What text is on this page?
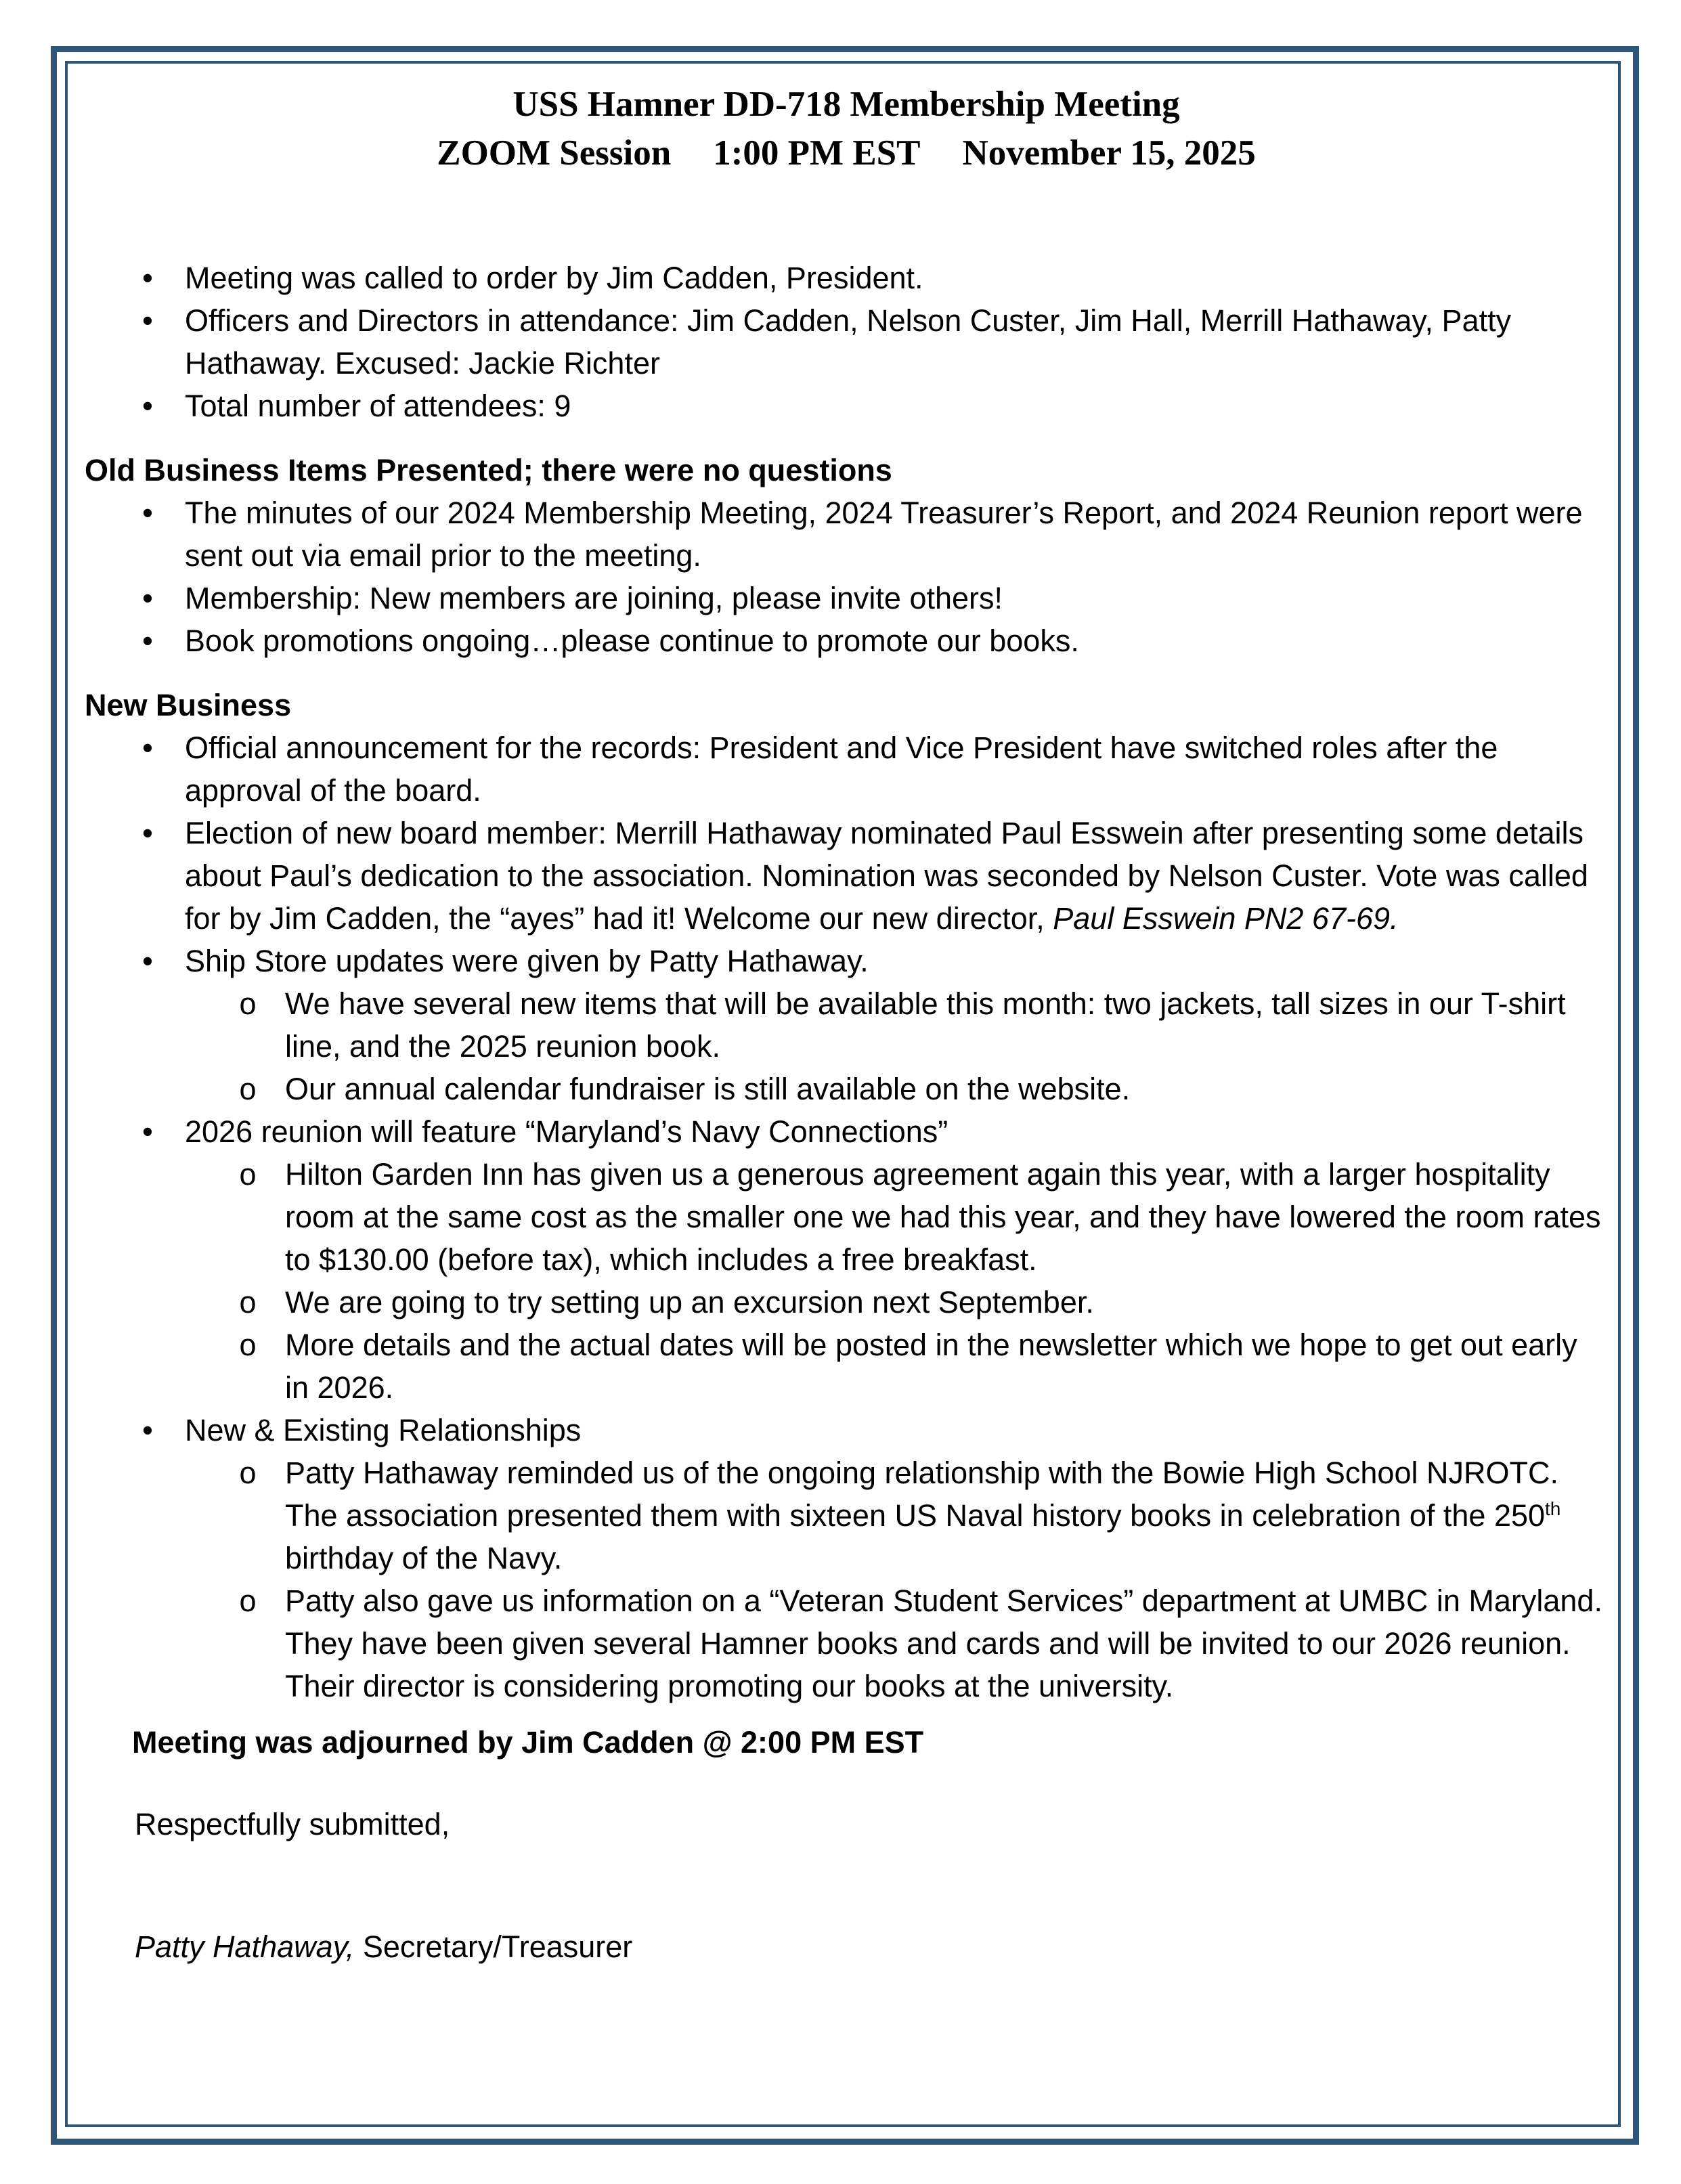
USS Hamner DD-718 Membership Meeting

ZOOM Session 1:00 PM EST November 15, 2025

• Meeting was called to order by Jim Cadden, President.
• Officers and Directors in attendance: Jim Cadden, Nelson Custer, Jim Hall, Merrill Hathaway, Patty Hathaway. Excused: Jackie Richter
• Total number of attendees: 9

Old Business Items Presented; there were no questions

• The minutes of our 2024 Membership Meeting, 2024 Treasurer’s Report, and 2024 Reunion report were sent out via email prior to the meeting.
• Membership: New members are joining, please invite others!
• Book promotions ongoing…please continue to promote our books.

New Business

• Official announcement for the records: President and Vice President have switched roles after the approval of the board.
• Election of new board member: Merrill Hathaway nominated Paul Esswein after presenting some details about Paul’s dedication to the association. Nomination was seconded by Nelson Custer. Vote was called for by Jim Cadden, the “ayes” had it! Welcome our new director, Paul Esswein PN2 67-69.
• Ship Store updates were given by Patty Hathaway.
o We have several new items that will be available this month: two jackets, tall sizes in our T-shirt line, and the 2025 reunion book.
o Our annual calendar fundraiser is still available on the website.
• 2026 reunion will feature “Maryland’s Navy Connections”
o Hilton Garden Inn has given us a generous agreement again this year, with a larger hospitality room at the same cost as the smaller one we had this year, and they have lowered the room rates to $130.00 (before tax), which includes a free breakfast.
o We are going to try setting up an excursion next September.
o More details and the actual dates will be posted in the newsletter which we hope to get out early in 2026.
• New & Existing Relationships
o Patty Hathaway reminded us of the ongoing relationship with the Bowie High School NJROTC. The association presented them with sixteen US Naval history books in celebration of the 250th birthday of the Navy.
o Patty also gave us information on a “Veteran Student Services” department at UMBC in Maryland. They have been given several Hamner books and cards and will be invited to our 2026 reunion. Their director is considering promoting our books at the university.

Meeting was adjourned by Jim Cadden @ 2:00 PM EST

Respectfully submitted,

Patty Hathaway, Secretary/Treasurer
